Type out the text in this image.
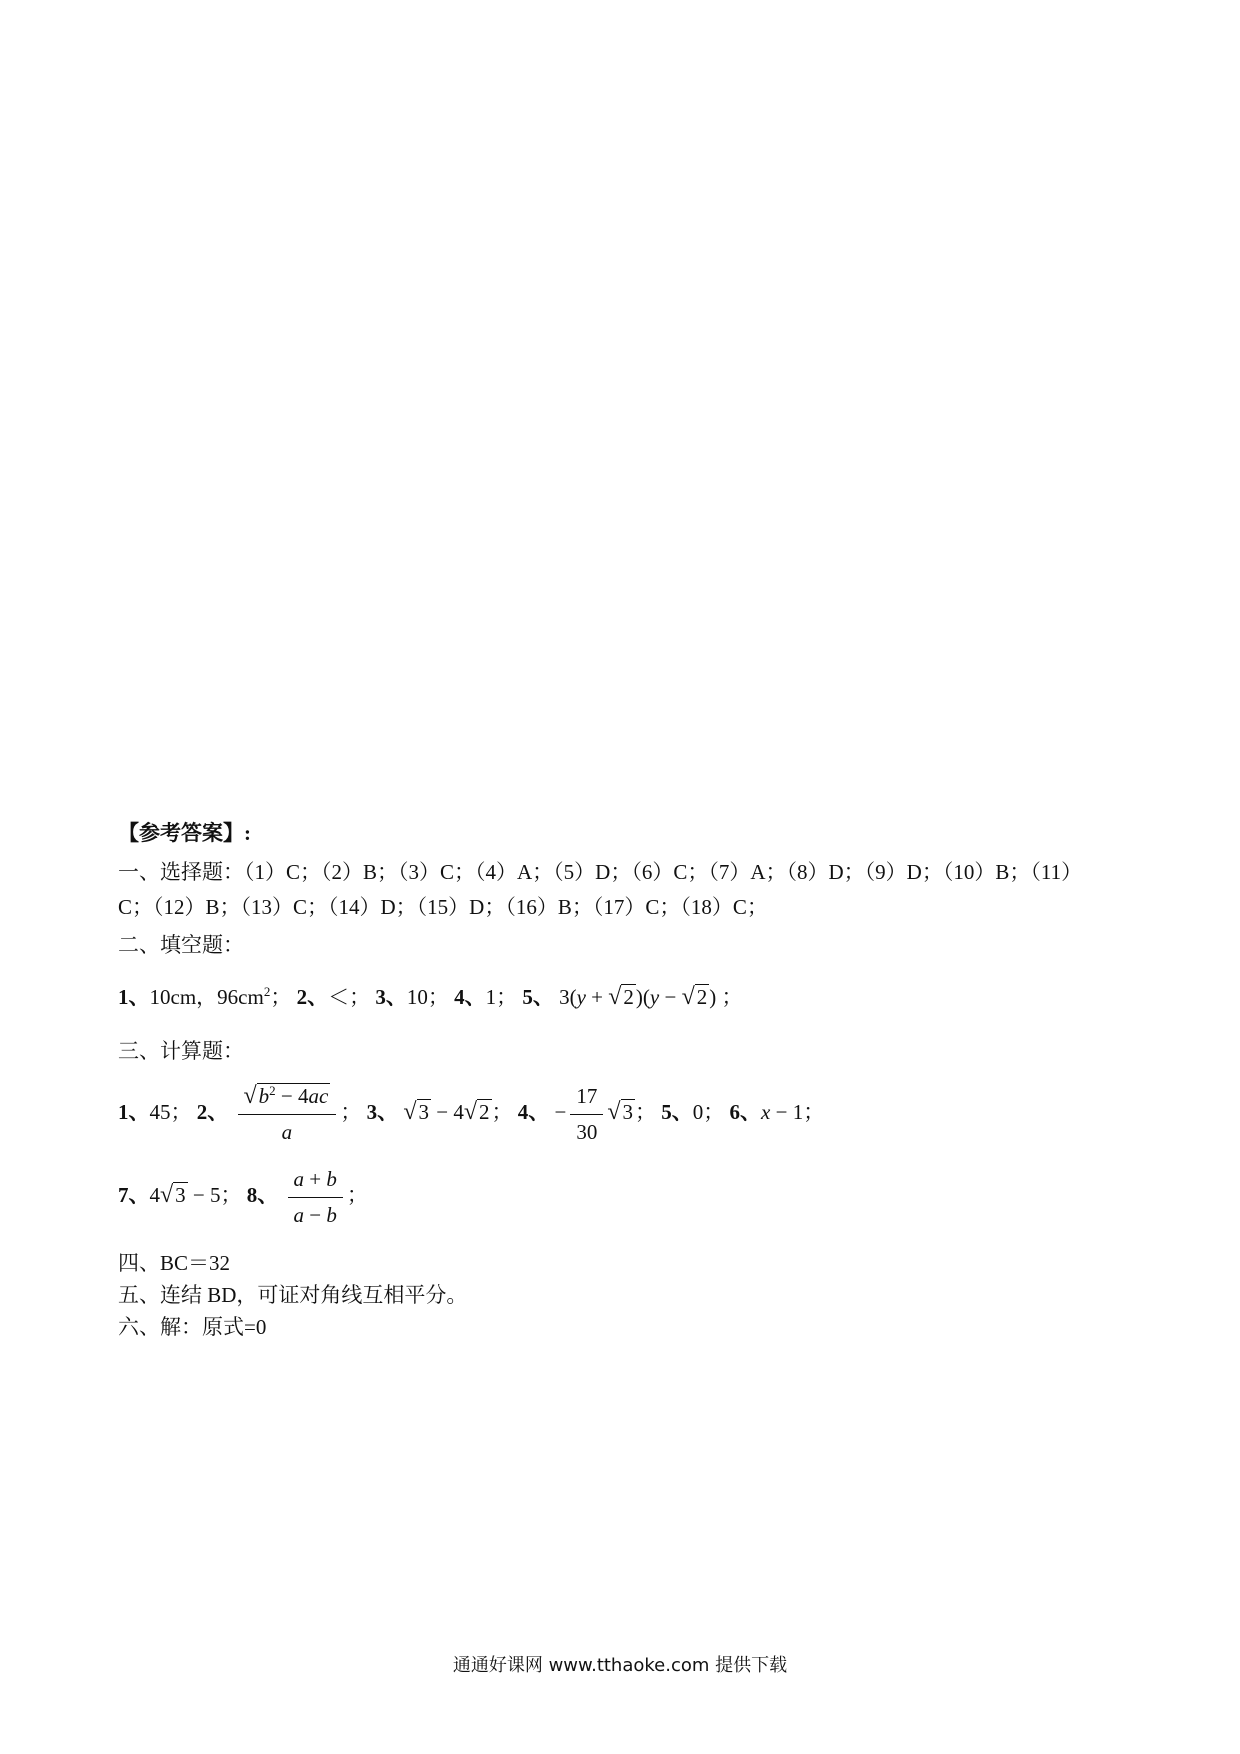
【参考答案】:
一、选择题：（1）C；（2）B；（3）C；（4）A；（5）D；（6）C；（7）A；（8）D；（9）D；（10）B；（11）
C；（12）B；（13）C；（14）D；（15）D；（16）B；（17）C；（18）C；
二、填空题：
1、10cm，$96cm^2$； 2、＜； 3、10； 4、1； 5、 3(y + √2)(y − √2) ；
三、计算题：
1、45； 2、 $\frac{√b^2 - 4ac}{a}$ ； 3、 √3 − 4√2； 4、 − $\frac{17}{30} √3$； 5、0； 6、x − 1；
7、4√3 − 5； 8、 $\frac{a + b}{a - b}$ ；
四、BC＝32
五、连结 BD，可证对角线互相平分。
六、解：原式=0
通通好课网 www.tthaoke.com 提供下载
